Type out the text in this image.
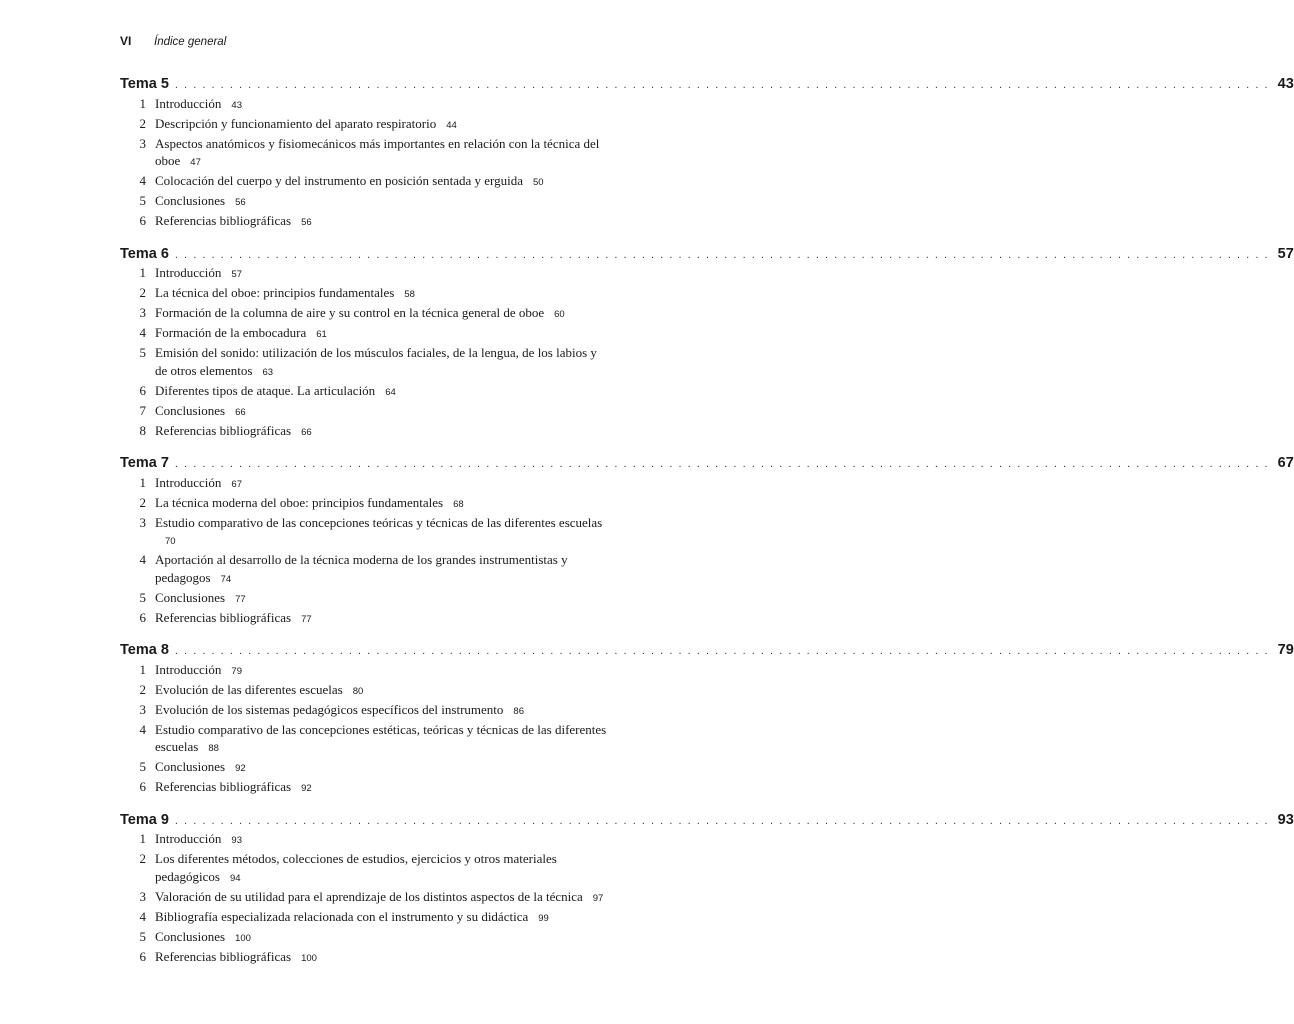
VI	Índice general
Tema 5 ........................................................................................................................ 43
1 Introducción 43
2 Descripción y funcionamiento del aparato respiratorio 44
3 Aspectos anatómicos y fisiomecánicos más importantes en relación con la técnica del oboe 47
4 Colocación del cuerpo y del instrumento en posición sentada y erguida 50
5 Conclusiones 56
6 Referencias bibliográficas 56
Tema 6 ........................................................................................................................ 57
1 Introducción 57
2 La técnica del oboe: principios fundamentales 58
3 Formación de la columna de aire y su control en la técnica general de oboe 60
4 Formación de la embocadura 61
5 Emisión del sonido: utilización de los músculos faciales, de la lengua, de los labios y de otros elementos 63
6 Diferentes tipos de ataque. La articulación 64
7 Conclusiones 66
8 Referencias bibliográficas 66
Tema 7 ........................................................................................................................ 67
1 Introducción 67
2 La técnica moderna del oboe: principios fundamentales 68
3 Estudio comparativo de las concepciones teóricas y técnicas de las diferentes escuelas70
4 Aportación al desarrollo de la técnica moderna de los grandes instrumentistas y pedagogos 74
5 Conclusiones 77
6 Referencias bibliográficas 77
Tema 8 ........................................................................................................................ 79
1 Introducción 79
2 Evolución de las diferentes escuelas 80
3 Evolución de los sistemas pedagógicos específicos del instrumento 86
4 Estudio comparativo de las concepciones estéticas, teóricas y técnicas de las diferentes escuelas 88
5 Conclusiones 92
6 Referencias bibliográficas 92
Tema 9 ........................................................................................................................ 93
1 Introducción 93
2 Los diferentes métodos, colecciones de estudios, ejercicios y otros materiales pedagógicos 94
3 Valoración de su utilidad para el aprendizaje de los distintos aspectos de la técnica 97
4 Bibliografía especializada relacionada con el instrumento y su didáctica 99
5 Conclusiones 100
6 Referencias bibliográficas 100
